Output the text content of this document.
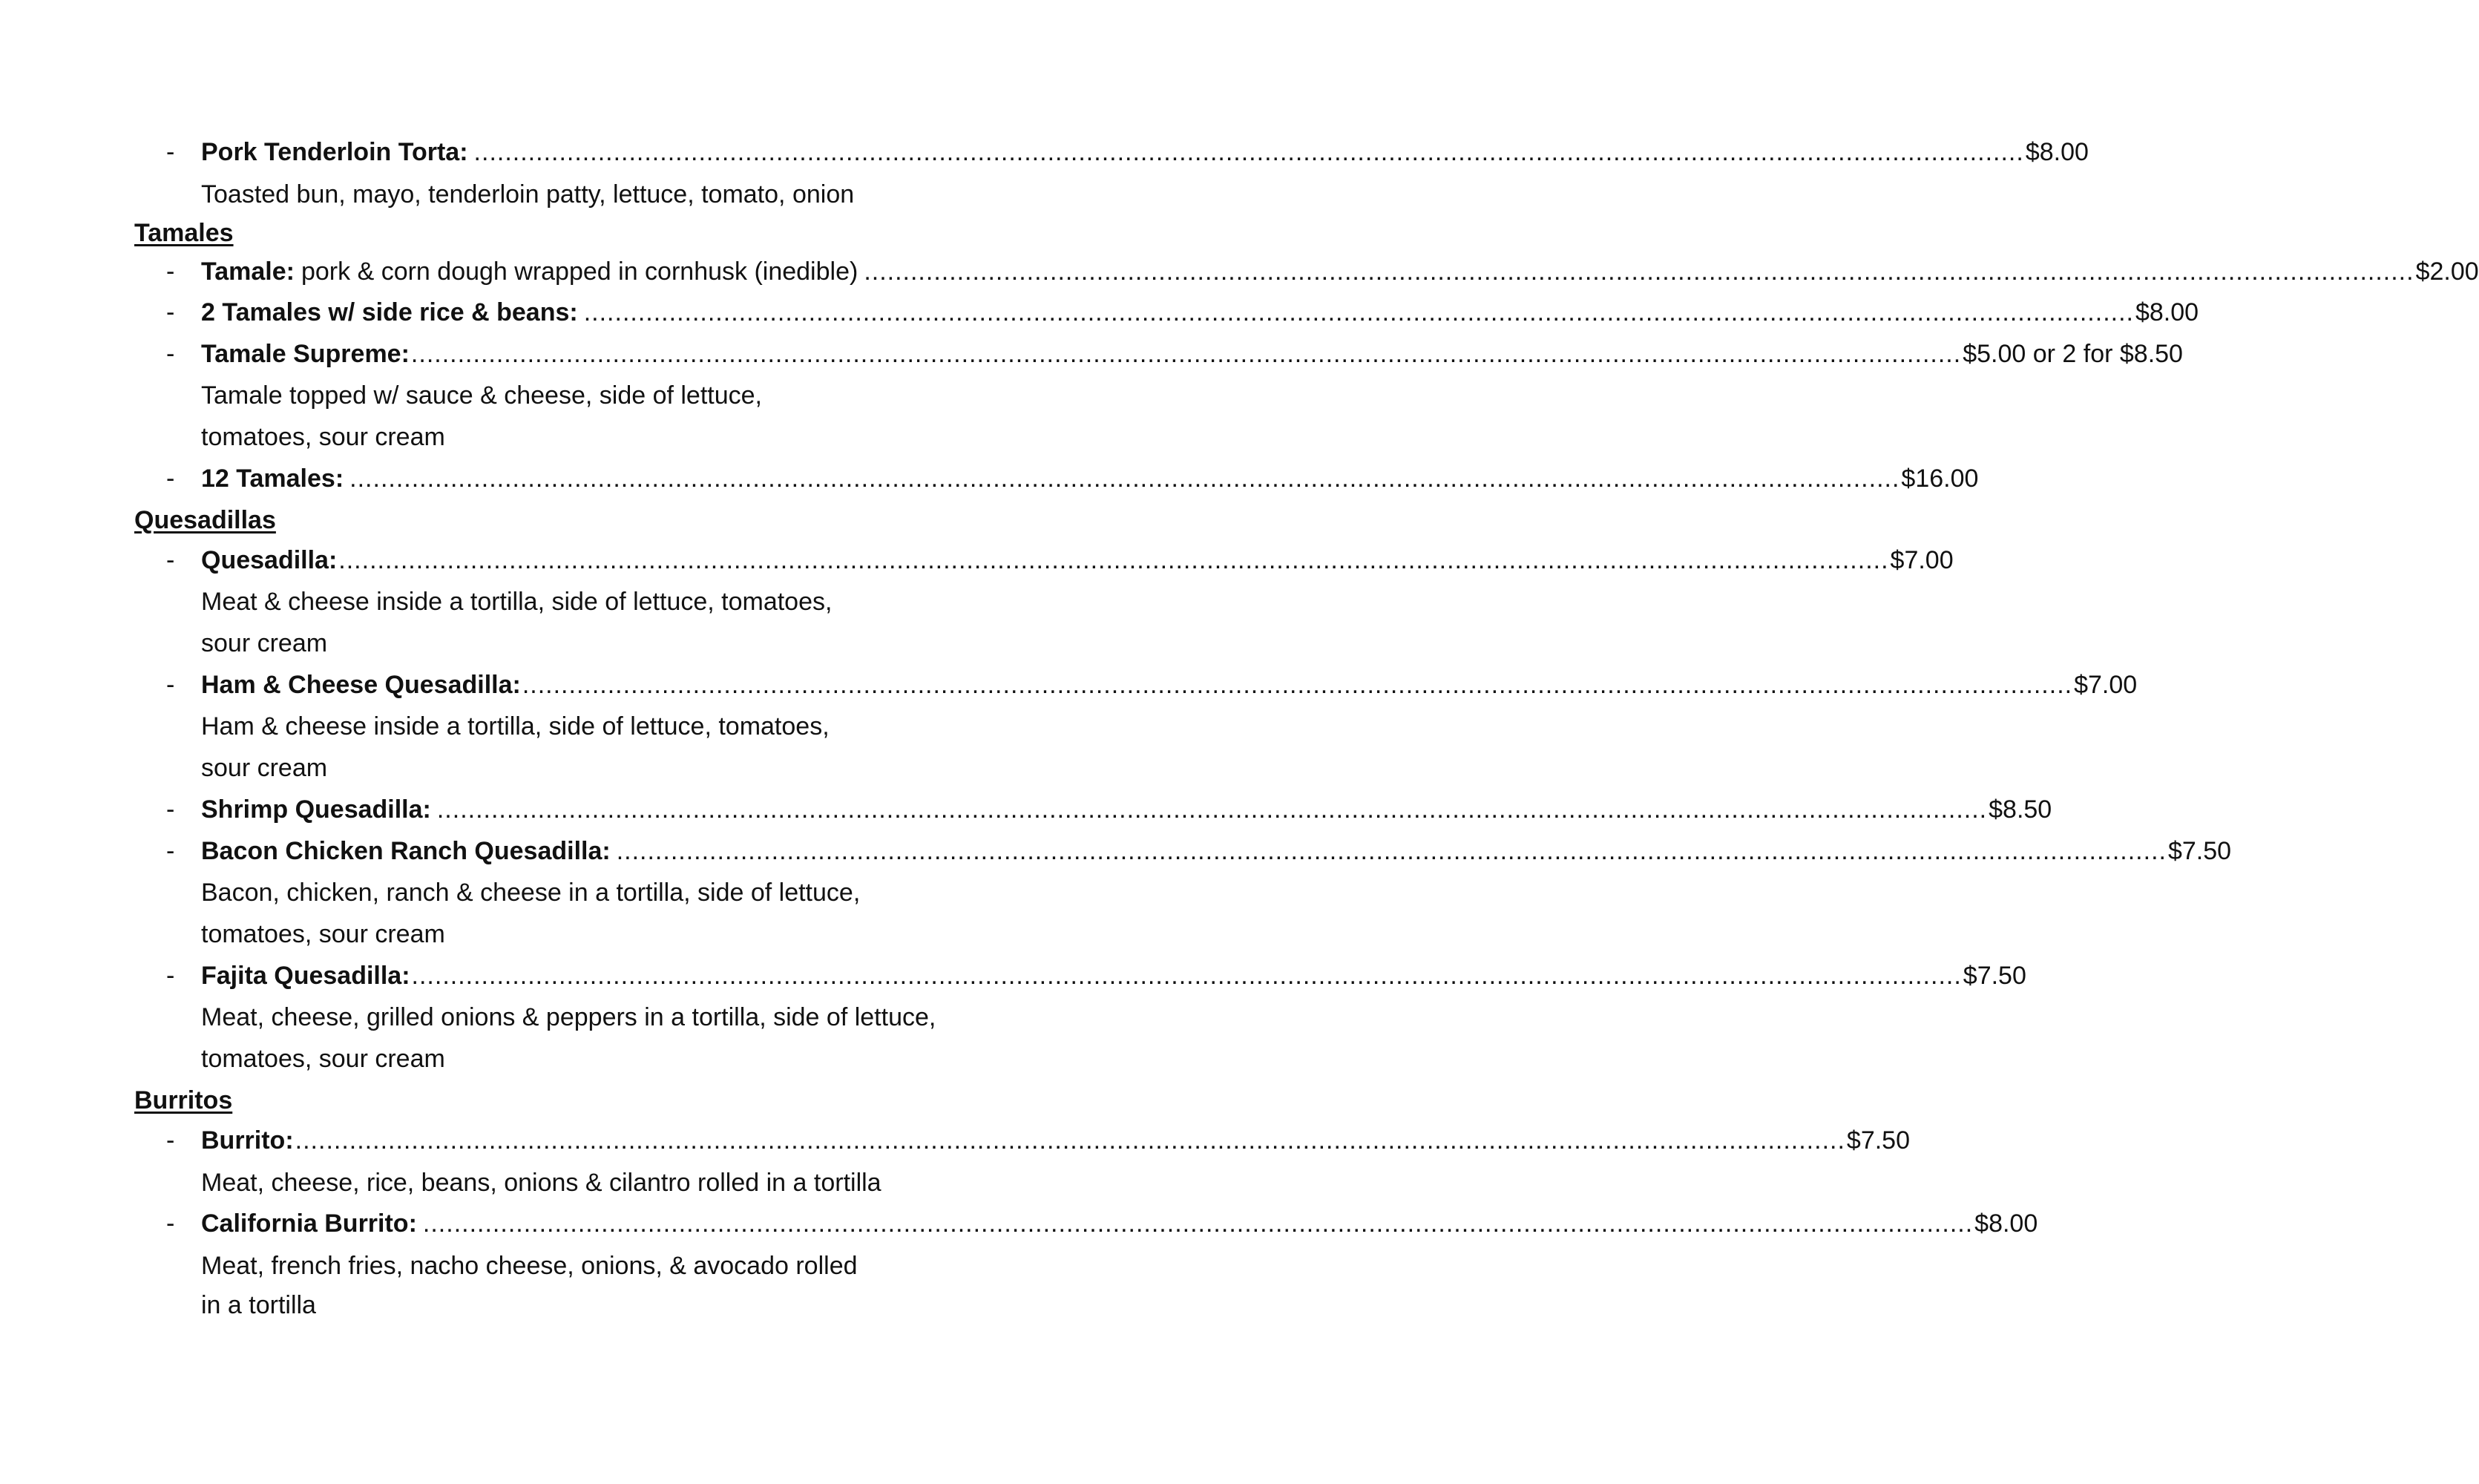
- Pork Tenderloin Torta: ........................................................................................................................................................................................................ $8.00
Toasted bun, mayo, tenderloin patty, lettuce, tomato, onion
Tamales
- Tamale: pork & corn dough wrapped in cornhusk (inedible) ........................................................................................................................................................................................................ $2.00
- 2 Tamales w/ side rice & beans: ........................................................................................................................................................................................................ $8.00
- Tamale Supreme: ........................................................................................................................................................................................................ $5.00 or 2 for $8.50
Tamale topped w/ sauce & cheese, side of lettuce,
tomatoes, sour cream
- 12 Tamales: ........................................................................................................................................................................................................ $16.00
Quesadillas
- Quesadilla: ........................................................................................................................................................................................................ $7.00
Meat & cheese inside a tortilla, side of lettuce, tomatoes,
sour cream
- Ham & Cheese Quesadilla: ........................................................................................................................................................................................................ $7.00
Ham & cheese inside a tortilla, side of lettuce, tomatoes,
sour cream
- Shrimp Quesadilla: ........................................................................................................................................................................................................ $8.50
- Bacon Chicken Ranch Quesadilla: ........................................................................................................................................................................................................ $7.50
Bacon, chicken, ranch & cheese in a tortilla, side of lettuce,
tomatoes, sour cream
- Fajita Quesadilla: ........................................................................................................................................................................................................ $7.50
Meat, cheese, grilled onions & peppers in a tortilla, side of lettuce,
tomatoes, sour cream
Burritos
- Burrito: ........................................................................................................................................................................................................ $7.50
Meat, cheese, rice, beans, onions & cilantro rolled in a tortilla
- California Burrito: ........................................................................................................................................................................................................ $8.00
Meat, french fries, nacho cheese, onions, & avocado rolled
in a tortilla
